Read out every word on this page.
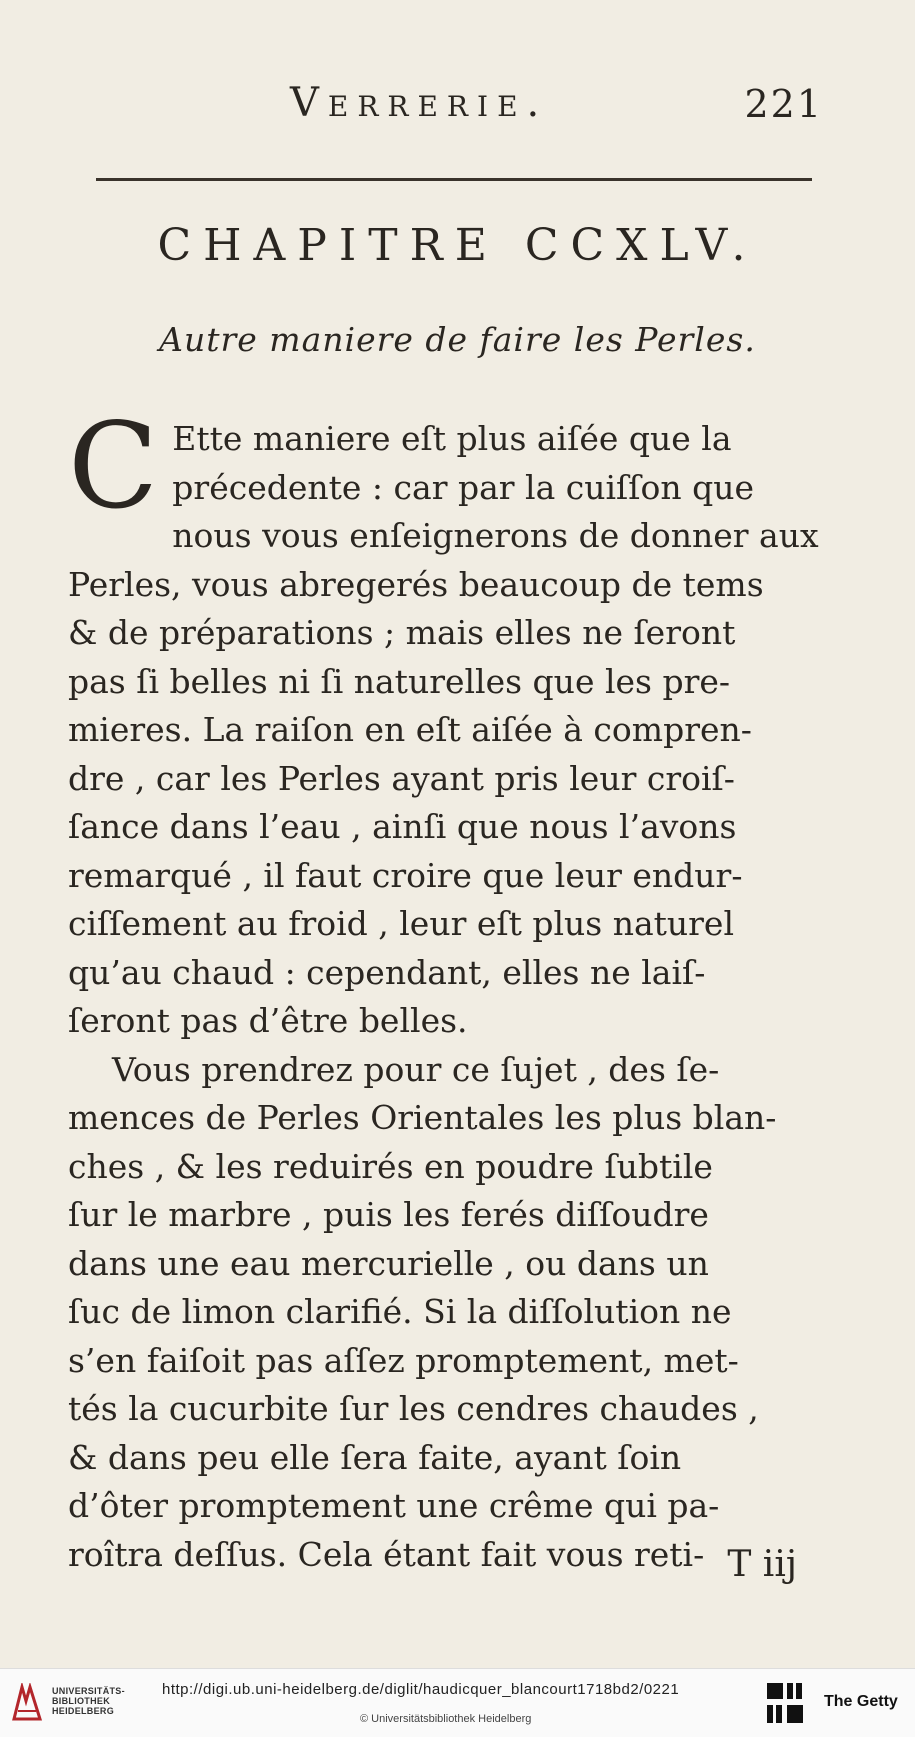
Verrerie.	221
CHAPITRE CCXLV.
Autre maniere de faire les Perles.
C Ette maniere eſt plus aiſée que la
précedente : car par la cuiſſon que
nous vous enſeignerons de donner aux
Perles, vous abregerés beaucoup de tems
& de préparations ; mais elles ne ſeront
pas ſi belles ni ſi naturelles que les pre-
mieres. La raiſon en eſt aiſée à compren-
dre , car les Perles ayant pris leur croiſ-
ſance dans l’eau , ainſi que nous l’avons
remarqué , il faut croire que leur endur-
ciſſement au froid , leur eſt plus naturel
qu’au chaud : cependant, elles ne laiſ-
ſeront pas d’être belles.
Vous prendrez pour ce ſujet , des ſe-
mences de Perles Orientales les plus blan-
ches , & les reduirés en poudre ſubtile
ſur le marbre , puis les ferés diſſoudre
dans une eau mercurielle , ou dans un
ſuc de limon clarifié. Si la diſſolution ne
s’en faiſoit pas aſſez promptement, met-
tés la cucurbite ſur les cendres chaudes ,
& dans peu elle ſera faite, ayant ſoin
d’ôter promptement une crême qui pa-
roîtra deſſus. Cela étant fait vous reti- T iij
UNIVERSITÄTS-
BIBLIOTHEK
HEIDELBERG
http://digi.ub.uni-heidelberg.de/diglit/haudicquer_blancourt1718bd2/0221
© Universitätsbibliothek Heidelberg
The Getty
